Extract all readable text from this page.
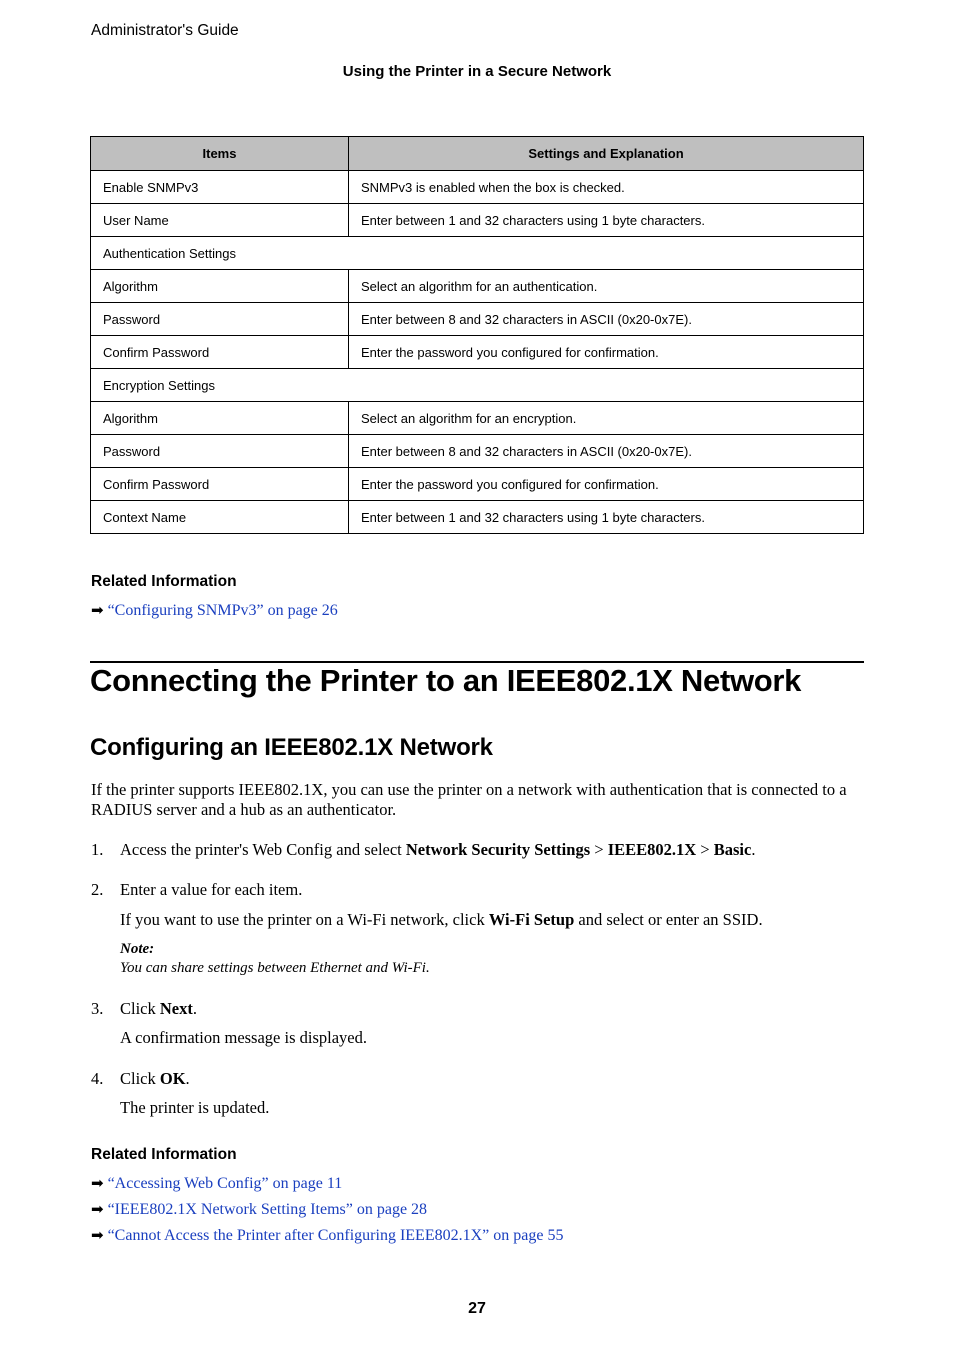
Administrator's Guide
Using the Printer in a Secure Network
Items	Settings and Explanation
Enable SNMPv3	SNMPv3 is enabled when the box is checked.
User Name	Enter between 1 and 32 characters using 1 byte characters.
Authentication Settings	
Algorithm	Select an algorithm for an authentication.
Password	Enter between 8 and 32 characters in ASCII (0x20-0x7E).
Confirm Password	Enter the password you configured for confirmation.
Encryption Settings	
Algorithm	Select an algorithm for an encryption.
Password	Enter between 8 and 32 characters in ASCII (0x20-0x7E).
Confirm Password	Enter the password you configured for confirmation.
Context Name	Enter between 1 and 32 characters using 1 byte characters.
Related Information
➡ “Configuring SNMPv3” on page 26
Connecting the Printer to an IEEE802.1X Network
Configuring an IEEE802.1X Network
If the printer supports IEEE802.1X, you can use the printer on a network with authentication that is connected to a RADIUS server and a hub as an authenticator.
1. Access the printer's Web Config and select Network Security Settings > IEEE802.1X > Basic.
2. Enter a value for each item.
If you want to use the printer on a Wi-Fi network, click Wi-Fi Setup and select or enter an SSID.
Note:
You can share settings between Ethernet and Wi-Fi.
3. Click Next.
A confirmation message is displayed.
4. Click OK.
The printer is updated.
Related Information
➡ “Accessing Web Config” on page 11
➡ “IEEE802.1X Network Setting Items” on page 28
➡ “Cannot Access the Printer after Configuring IEEE802.1X” on page 55
27
